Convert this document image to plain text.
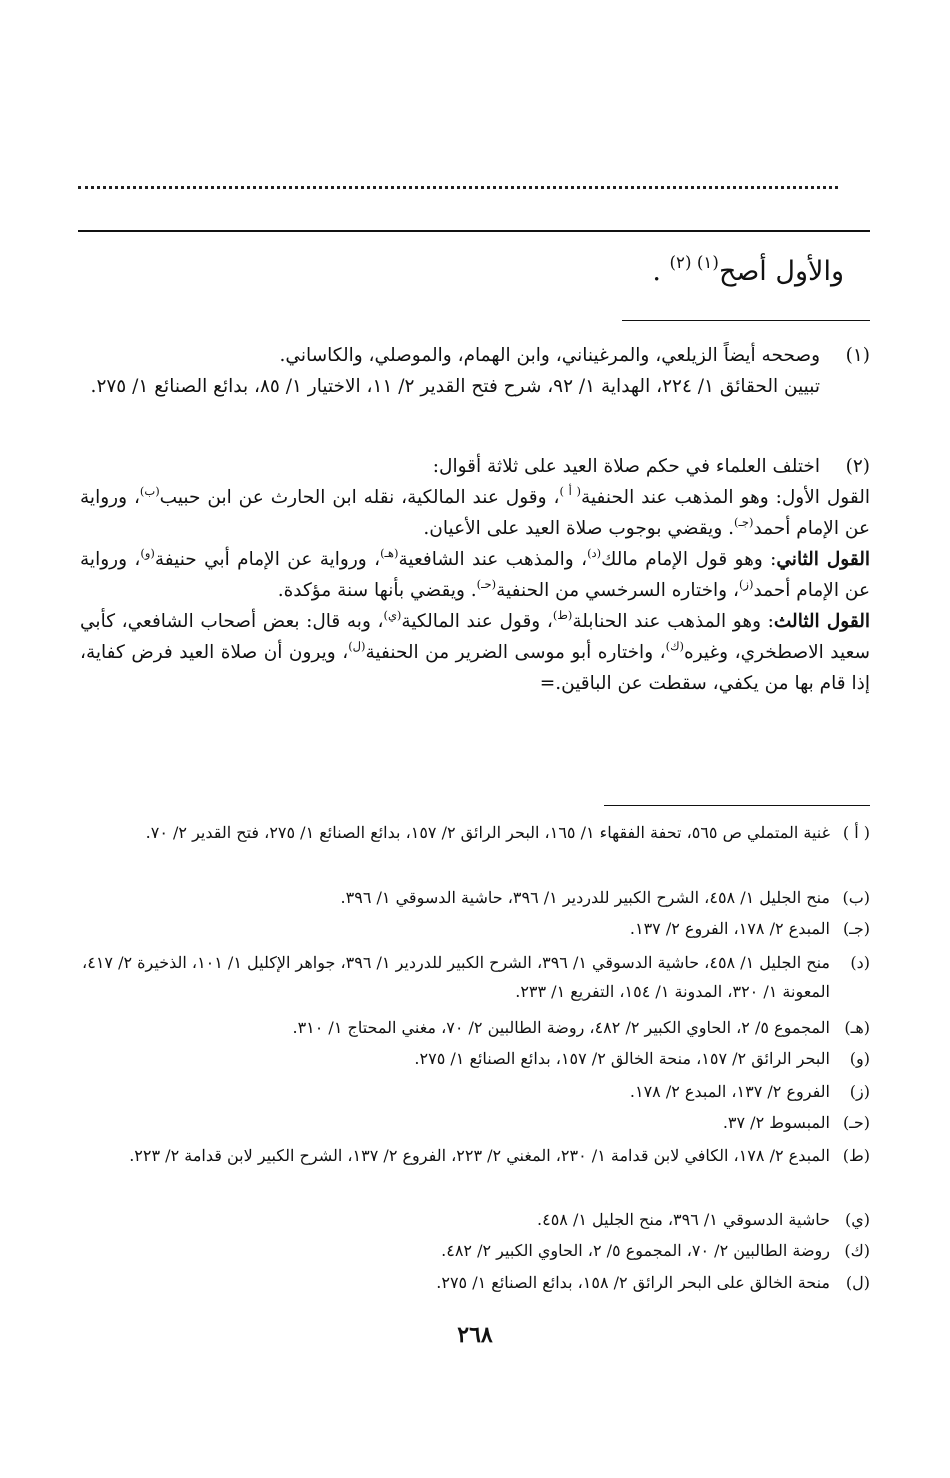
والأول أصح$^{(١) (٢)}$ .
(١)

وصححه أيضاً الزيلعي، والمرغيناني، وابن الهمام، والموصلي، والكاساني.

تبيين الحقائق ١/ ٢٢٤، الهداية ١/ ٩٢، شرح فتح القدير ٢/ ١١، الاختيار ١/ ٨٥، بدائع الصنائع ١/ ٢٧٥.

(٢)

اختلف العلماء في حكم صلاة العيد على ثلاثة أقوال:

القول الأول: وهو المذهب عند الحنفية$^{( أ )}$، وقول عند المالكية، نقله ابن الحارث عن ابن حبيب$^{(ب)}$، ورواية عن الإمام أحمد$^{(جـ)}$. ويقضي بوجوب صلاة العيد على الأعيان.

القول الثاني: وهو قول الإمام مالك$^{(د)}$، والمذهب عند الشافعية$^{(هـ)}$، ورواية عن الإمام أبي حنيفة$^{(و)}$، ورواية عن الإمام أحمد$^{(ز)}$، واختاره السرخسي من الحنفية$^{(حـ)}$. ويقضي بأنها سنة مؤكدة.

القول الثالث: وهو المذهب عند الحنابلة$^{(ط)}$، وقول عند المالكية$^{(ي)}$، وبه قال: بعض أصحاب الشافعي، كأبي سعيد الاصطخري، وغيره$^{(ك)}$، واختاره أبو موسى الضرير من الحنفية$^{(ل)}$، ويرون أن صلاة العيد فرض كفاية، إذا قام بها من يكفي، سقطت عن الباقين.=

( أ )

غنية المتملي ص ٥٦٥، تحفة الفقهاء ١/ ١٦٥، البحر الرائق ٢/ ١٥٧، بدائع الصنائع ١/ ٢٧٥، فتح القدير ٢/ ٧٠.

(ب)

منح الجليل ١/ ٤٥٨، الشرح الكبير للدردير ١/ ٣٩٦، حاشية الدسوقي ١/ ٣٩٦.

(جـ)

المبدع ٢/ ١٧٨، الفروع ٢/ ١٣٧.

(د)

منح الجليل ١/ ٤٥٨، حاشية الدسوقي ١/ ٣٩٦، الشرح الكبير للدردير ١/ ٣٩٦، جواهر الإكليل ١/ ١٠١، الذخيرة ٢/ ٤١٧، المعونة ١/ ٣٢٠، المدونة ١/ ١٥٤، التفريع ١/ ٢٣٣.

(هـ)

المجموع ٥/ ٢، الحاوي الكبير ٢/ ٤٨٢، روضة الطالبين ٢/ ٧٠، مغني المحتاج ١/ ٣١٠.

(و)

البحر الرائق ٢/ ١٥٧، منحة الخالق ٢/ ١٥٧، بدائع الصنائع ١/ ٢٧٥.

(ز)

الفروع ٢/ ١٣٧، المبدع ٢/ ١٧٨.

(حـ)

المبسوط ٢/ ٣٧.

(ط)

المبدع ٢/ ١٧٨، الكافي لابن قدامة ١/ ٢٣٠، المغني ٢/ ٢٢٣، الفروع ٢/ ١٣٧، الشرح الكبير لابن قدامة ٢/ ٢٢٣.

(ي)

حاشية الدسوقي ١/ ٣٩٦، منح الجليل ١/ ٤٥٨.

(ك)

روضة الطالبين ٢/ ٧٠، المجموع ٥/ ٢، الحاوي الكبير ٢/ ٤٨٢.

(ل)

منحة الخالق على البحر الرائق ٢/ ١٥٨، بدائع الصنائع ١/ ٢٧٥.

٢٦٨
